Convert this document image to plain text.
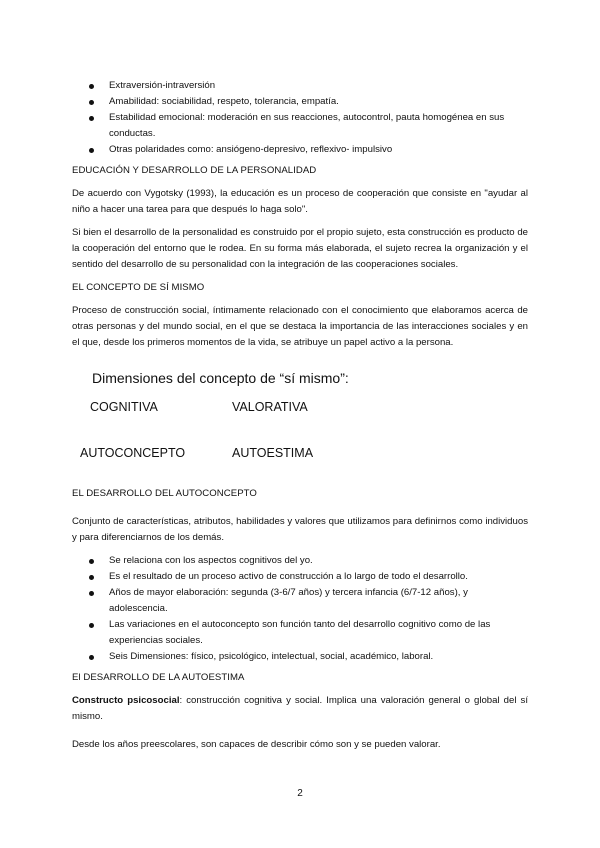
Extraversión-intraversión
Amabilidad: sociabilidad, respeto, tolerancia, empatía.
Estabilidad emocional: moderación en sus reacciones, autocontrol, pauta homogénea en sus conductas.
Otras polaridades como: ansiógeno-depresivo, reflexivo- impulsivo
EDUCACIÓN Y DESARROLLO DE LA PERSONALIDAD

De acuerdo con Vygotsky (1993), la educación es un proceso de cooperación que consiste en "ayudar al niño a hacer una tarea para que después lo haga solo".

Si bien el desarrollo de la personalidad es construido por el propio sujeto, esta construcción es producto de la cooperación del entorno que le rodea. En su forma más elaborada, el sujeto recrea la organización y el sentido del desarrollo de su personalidad con la integración de las cooperaciones sociales.

EL CONCEPTO DE SÍ MISMO

Proceso de construcción social, íntimamente relacionado con el conocimiento que elaboramos acerca de otras personas y del mundo social, en el que se destaca la importancia de las interacciones sociales y en el que, desde los primeros momentos de la vida, se atribuye un papel activo a la persona.

Dimensiones del concepto de “sí mismo”:
COGNITIVA	VALORATIVA
AUTOCONCEPTO	AUTOESTIMA
EL DESARROLLO DEL AUTOCONCEPTO

Conjunto de características, atributos, habilidades y valores que utilizamos para definirnos como individuos y para diferenciarnos de los demás.

Se relaciona con los aspectos cognitivos del yo.
Es el resultado de un proceso activo de construcción a lo largo de todo el desarrollo.
Años de mayor elaboración: segunda (3-6/7 años) y tercera infancia (6/7-12 años), y adolescencia.
Las variaciones en el autoconcepto son función tanto del desarrollo cognitivo como de las experiencias sociales.
Seis Dimensiones: físico, psicológico, intelectual, social, académico, laboral.
El DESARROLLO DE LA AUTOESTIMA

Constructo psicosocial: construcción cognitiva y social. Implica una valoración general o global del sí mismo.

Desde los años preescolares, son capaces de describir cómo son y se pueden valorar.

2
